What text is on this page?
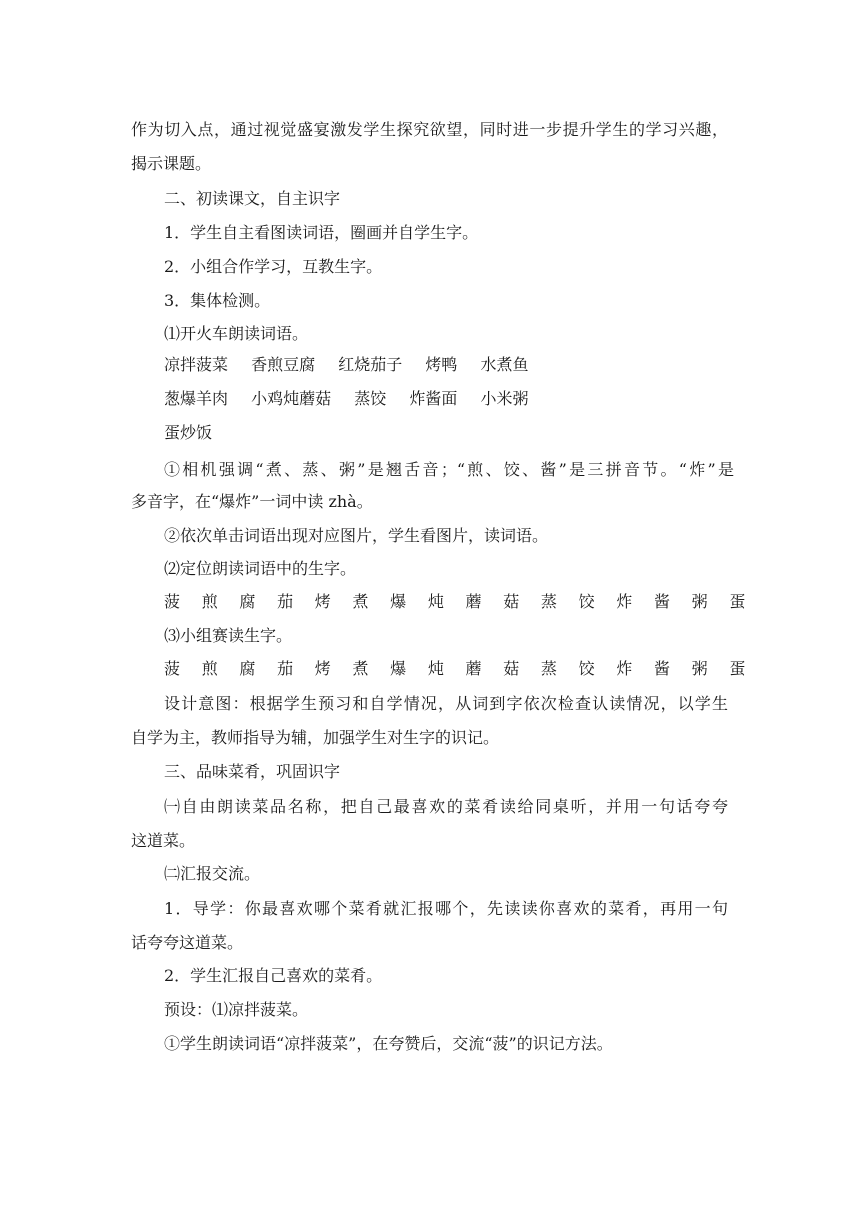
作为切入点，通过视觉盛宴激发学生探究欲望，同时进一步提升学生的学习兴趣，
揭示课题。
二、初读课文，自主识字
1．学生自主看图读词语，圈画并自学生字。
2．小组合作学习，互教生字。
3．集体检测。
⑴开火车朗读词语。
凉拌菠菜 香煎豆腐 红烧茄子 烤鸭 水煮鱼
葱爆羊肉 小鸡炖蘑菇 蒸饺 炸酱面 小米粥
蛋炒饭
①相机强调“煮、蒸、粥”是翘舌音；“煎、饺、酱”是三拼音节。“炸”是
多音字，在“爆炸”一词中读 zhà。
②依次单击词语出现对应图片，学生看图片，读词语。
⑵定位朗读词语中的生字。
菠 煎 腐 茄 烤 煮 爆 炖 蘑 菇 蒸 饺 炸 酱 粥 蛋
⑶小组赛读生字。
菠 煎 腐 茄 烤 煮 爆 炖 蘑 菇 蒸 饺 炸 酱 粥 蛋
设计意图：根据学生预习和自学情况，从词到字依次检查认读情况，以学生
自学为主，教师指导为辅，加强学生对生字的识记。
三、品味菜肴，巩固识字
㈠自由朗读菜品名称，把自己最喜欢的菜肴读给同桌听，并用一句话夸夸
这道菜。
㈡汇报交流。
1．导学：你最喜欢哪个菜肴就汇报哪个，先读读你喜欢的菜肴，再用一句
话夸夸这道菜。
2．学生汇报自己喜欢的菜肴。
预设：⑴凉拌菠菜。
①学生朗读词语“凉拌菠菜”，在夸赞后，交流“菠”的识记方法。
